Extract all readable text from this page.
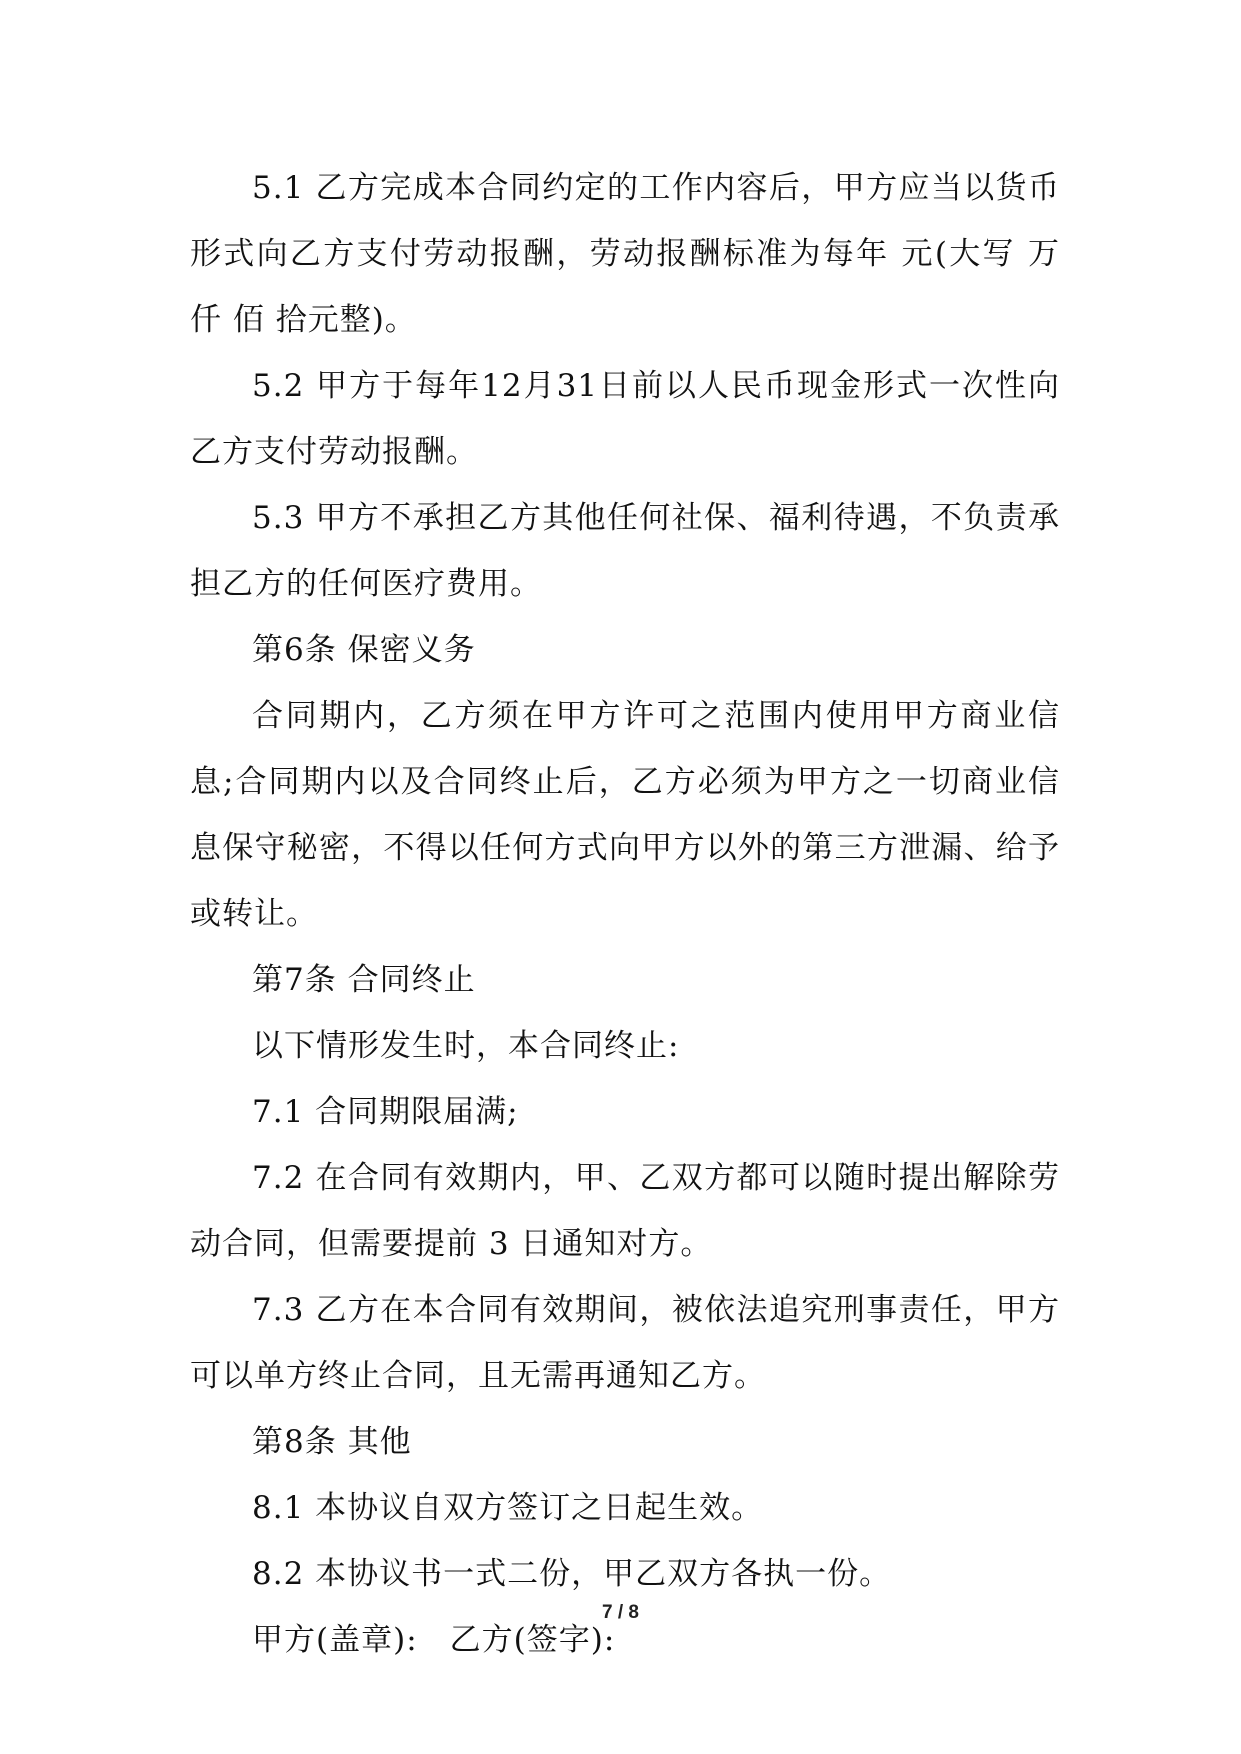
5.1 乙方完成本合同约定的工作内容后，甲方应当以货币形式向乙方支付劳动报酬，劳动报酬标准为每年 元(大写 万 仟 佰 拾元整)。

5.2 甲方于每年12月31日前以人民币现金形式一次性向乙方支付劳动报酬。

5.3 甲方不承担乙方其他任何社保、福利待遇，不负责承担乙方的任何医疗费用。

第6条 保密义务

合同期内，乙方须在甲方许可之范围内使用甲方商业信息;合同期内以及合同终止后，乙方必须为甲方之一切商业信息保守秘密，不得以任何方式向甲方以外的第三方泄漏、给予或转让。

第7条 合同终止

以下情形发生时，本合同终止:

7.1 合同期限届满;

7.2 在合同有效期内，甲、乙双方都可以随时提出解除劳动合同，但需要提前 3 日通知对方。

7.3 乙方在本合同有效期间，被依法追究刑事责任，甲方可以单方终止合同，且无需再通知乙方。

第8条 其他

8.1 本协议自双方签订之日起生效。

8.2 本协议书一式二份，甲乙双方各执一份。

甲方(盖章):　乙方(签字):

7 / 8
